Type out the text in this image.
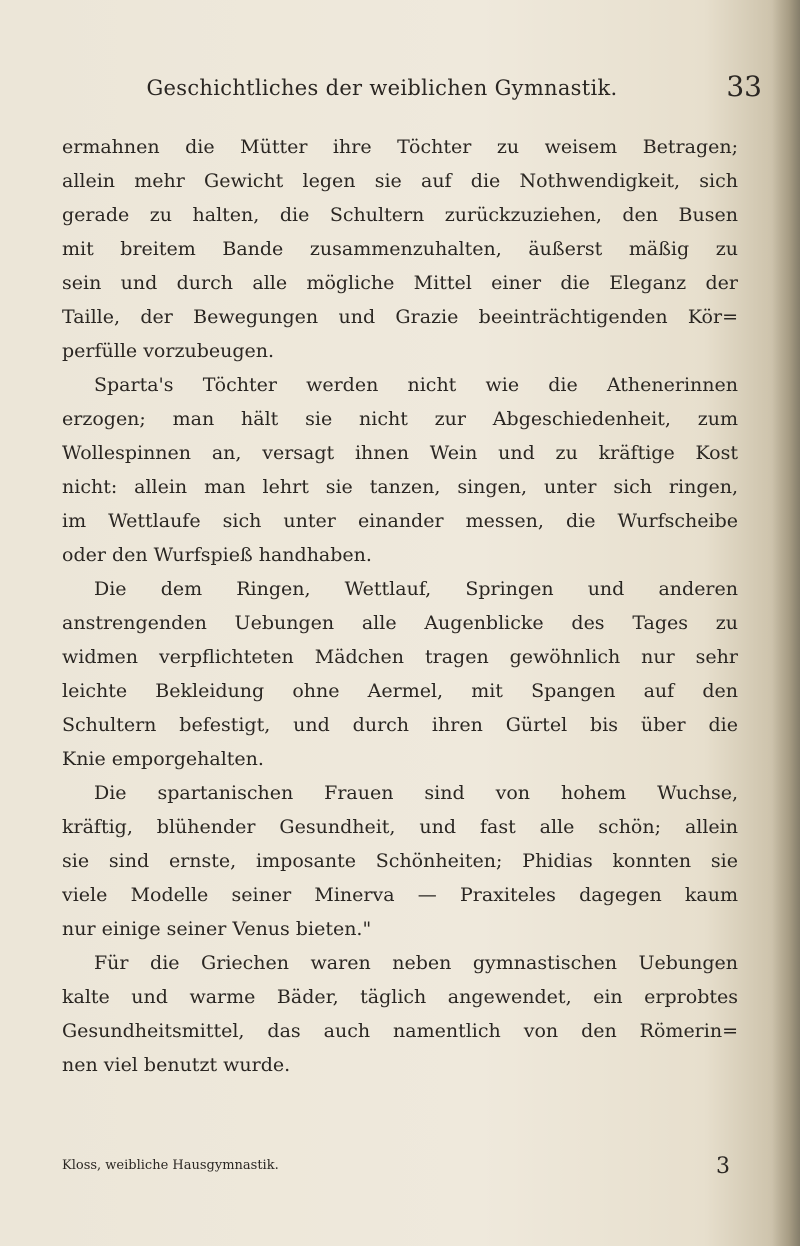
Geschichtliches der weiblichen Gymnastik.	33
ermahnen die Mütter ihre Töchter zu weisem Betragen;
allein mehr Gewicht legen sie auf die Nothwendigkeit, sich
gerade zu halten, die Schultern zurückzuziehen, den Busen
mit breitem Bande zusammenzuhalten, äußerst mäßig zu
sein und durch alle mögliche Mittel einer die Eleganz der
Taille, der Bewegungen und Grazie beeinträchtigenden Kör=
perfülle vorzubeugen.
Sparta's Töchter werden nicht wie die Athenerinnen
erzogen; man hält sie nicht zur Abgeschiedenheit, zum
Wollespinnen an, versagt ihnen Wein und zu kräftige Kost
nicht: allein man lehrt sie tanzen, singen, unter sich ringen,
im Wettlaufe sich unter einander messen, die Wurfscheibe
oder den Wurfspieß handhaben.
Die dem Ringen, Wettlauf, Springen und anderen
anstrengenden Uebungen alle Augenblicke des Tages zu
widmen verpflichteten Mädchen tragen gewöhnlich nur sehr
leichte Bekleidung ohne Aermel, mit Spangen auf den
Schultern befestigt, und durch ihren Gürtel bis über die
Knie emporgehalten.
Die spartanischen Frauen sind von hohem Wuchse,
kräftig, blühender Gesundheit, und fast alle schön; allein
sie sind ernste, imposante Schönheiten; Phidias konnten sie
viele Modelle seiner Minerva — Praxiteles dagegen kaum
nur einige seiner Venus bieten."
Für die Griechen waren neben gymnastischen Uebungen
kalte und warme Bäder, täglich angewendet, ein erprobtes
Gesundheitsmittel, das auch namentlich von den Römerin=
nen viel benutzt wurde.
Kloss, weibliche Hausgymnastik.	3
